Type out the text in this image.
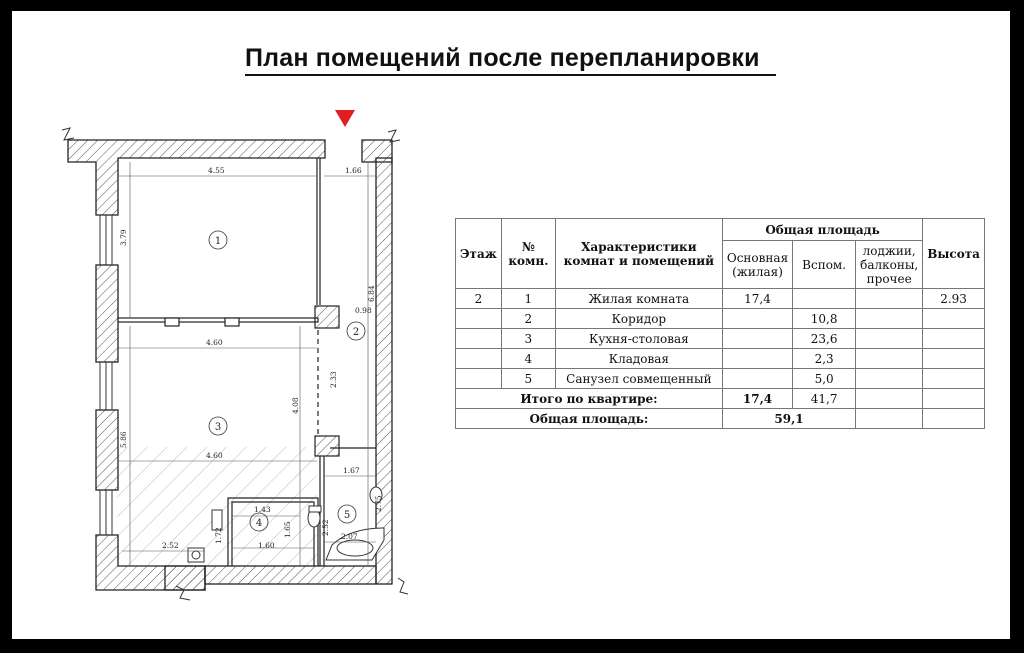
План помещений после перепланировки
4.55	1.66
3.79
6.84
0.98
4.60
2.33
4.08
5.86
4.60
1.67
1.43
2.52
2.75
1.65
1.72
2.52	1.60
2.07
1
2
3
4
5
Этаж	№ комн.	Характеристики комнат и помещений	Общая площадь			Высота
			Основная (жилая)	Вспом.	лоджии, балконы, прочее	
2	1	Жилая комната	17,4			2.93
	2	Коридор		10,8		
	3	Кухня-столовая		23,6		
	4	Кладовая		2,3		
	5	Санузел совмещенный		5,0		
Итого по квартире:			17,4	41,7		
Общая площадь:			59,1			
